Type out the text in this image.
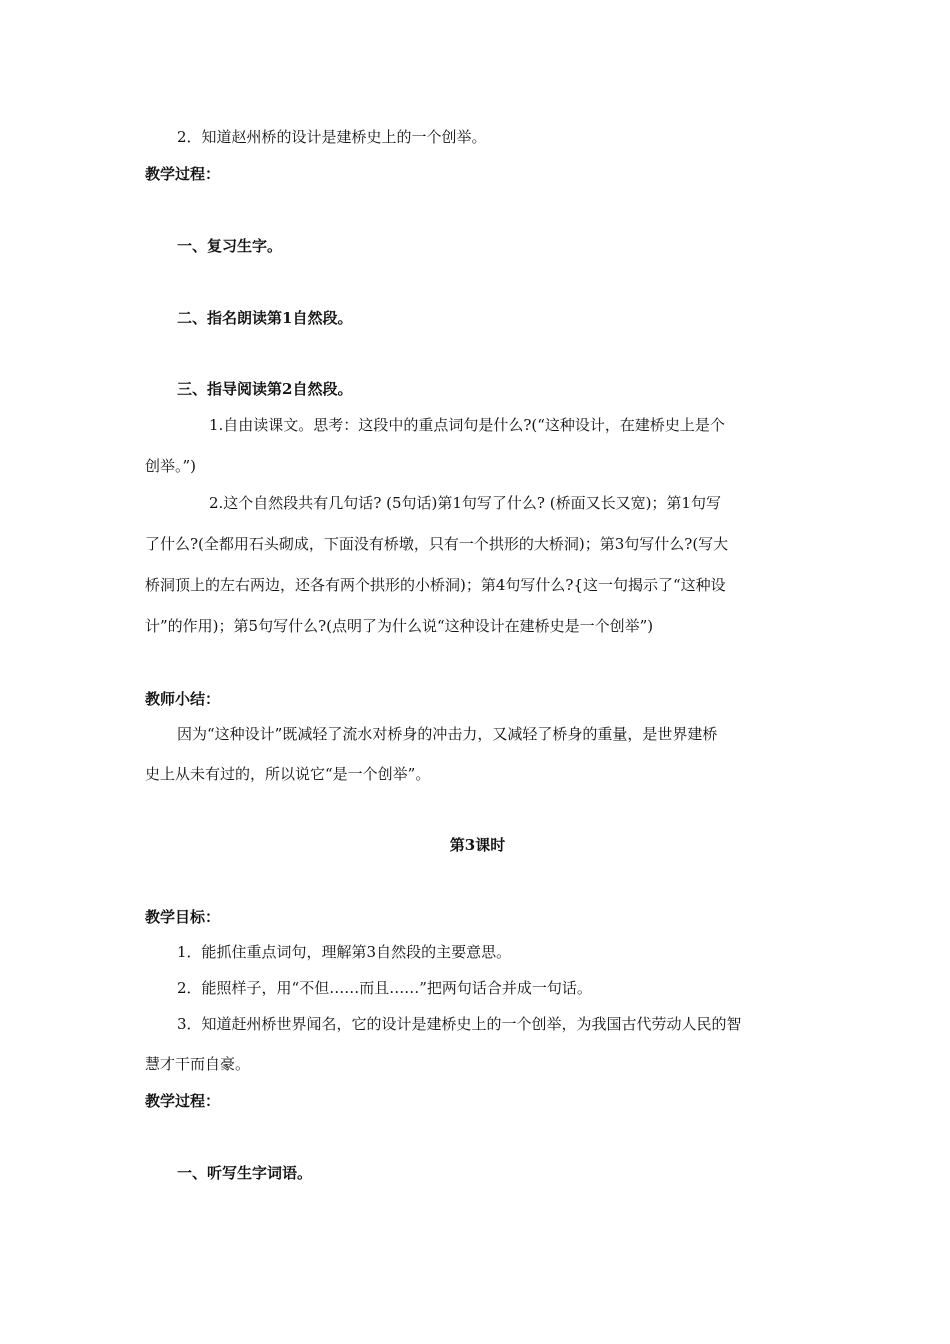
2．知道赵州桥的设计是建桥史上的一个创举。
教学过程：
一、复习生字。
二、指名朗读第1自然段。
三、指导阅读第2自然段。
1.自由读课文。思考：这段中的重点词句是什么?(“这种设计，在建桥史上是个
创举。”)
2.这个自然段共有几句话? (5句话)第1句写了什么? (桥面又长又宽)；第1句写
了什么?(全都用石头砌成，下面没有桥墩，只有一个拱形的大桥洞)；第3句写什么?(写大
桥洞顶上的左右两边，还各有两个拱形的小桥洞)；第4句写什么?{这一句揭示了“这种设
计”的作用)；第5句写什么?(点明了为什么说“这种设计在建桥史是一个创举”)
教师小结：
因为“这种设计”既减轻了流水对桥身的冲击力，又减轻了桥身的重量，是世界建桥
史上从未有过的，所以说它“是一个创举”。
第3课时
教学目标：
1．能抓住重点词句，理解第3自然段的主要意思。
2．能照样子，用“不但……而且……”把两句话合并成一句话。
3．知道赶州桥世界闻名，它的设计是建桥史上的一个创举，为我国古代劳动人民的智
慧才干而自豪。
教学过程：
一、听写生字词语。
